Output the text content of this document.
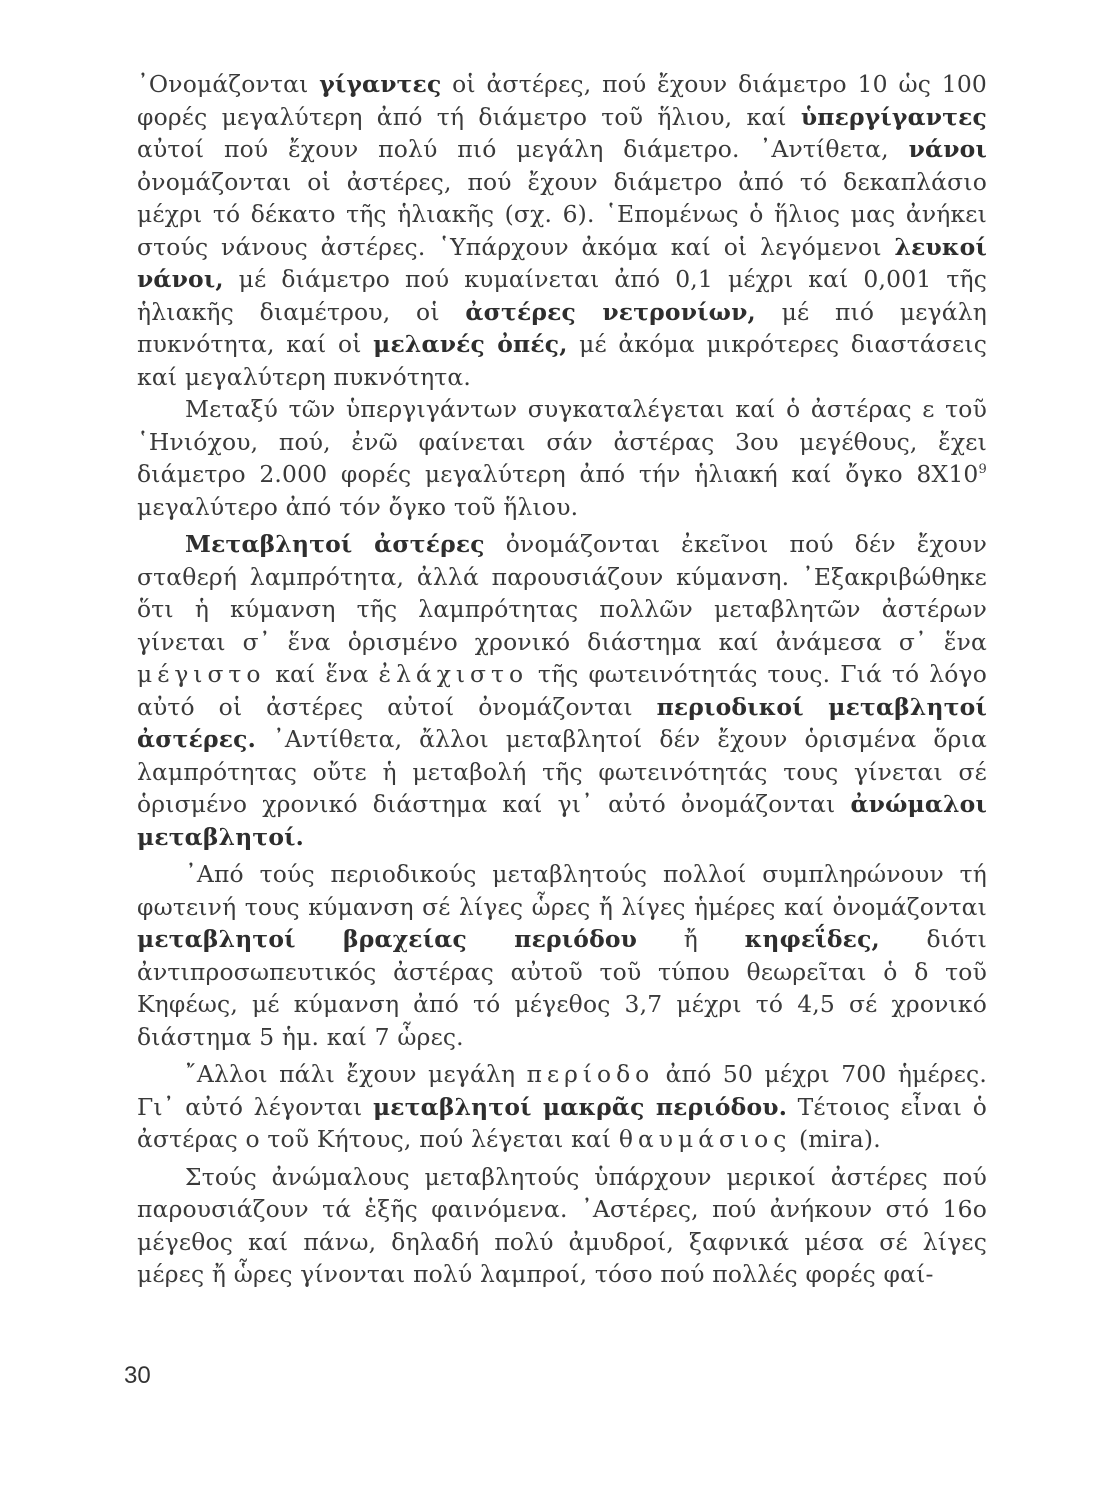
᾿Ονομάζονται γίγαντες οἱ ἀστέρες, πού ἔχουν διάμετρο 10 ὡς 100 φορές μεγαλύτερη ἀπό τή διάμετρο τοῦ ἥλιου, καί ὑπεργίγαντες αὐτοί πού ἔχουν πολύ πιό μεγάλη διάμετρο. ᾿Αντίθετα, νάνοι ὀνομάζονται οἱ ἀστέρες, πού ἔχουν διάμετρο ἀπό τό δεκαπλάσιο μέχρι τό δέκατο τῆς ἡλιακῆς (σχ. 6). ῾Επομένως ὁ ἥλιος μας ἀνήκει στούς νάνους ἀστέρες. ῾Υπάρχουν ἀκόμα καί οἱ λεγόμενοι λευκοί νάνοι, μέ διάμετρο πού κυμαίνεται ἀπό 0,1 μέχρι καί 0,001 τῆς ἡλιακῆς διαμέτρου, οἱ ἀστέρες νετρονίων, μέ πιό μεγάλη πυκνότητα, καί οἱ μελανές ὀπές, μέ ἀκόμα μικρότερες διαστάσεις καί μεγαλύτερη πυκνότητα.

Μεταξύ τῶν ὑπεργιγάντων συγκαταλέγεται καί ὁ ἀστέρας ε τοῦ ῾Ηνιόχου, πού, ἐνῶ φαίνεται σάν ἀστέρας 3ου μεγέθους, ἔχει διάμετρο 2.000 φορές μεγαλύτερη ἀπό τήν ἡλιακή καί ὄγκο $8X10^9$ μεγαλύτερο ἀπό τόν ὄγκο τοῦ ἥλιου.

Μεταβλητοί ἀστέρες ὀνομάζονται ἐκεῖνοι πού δέν ἔχουν σταθερή λαμπρότητα, ἀλλά παρουσιάζουν κύμανση. ᾿Εξακριβώθηκε ὅτι ἡ κύμανση τῆς λαμπρότητας πολλῶν μεταβλητῶν ἀστέρων γίνεται σ᾿ ἕνα ὁρισμένο χρονικό διάστημα καί ἀνάμεσα σ᾿ ἕνα μέγιστο καί ἕνα ἐλάχιστο τῆς φωτεινότητάς τους. Γιά τό λόγο αὐτό οἱ ἀστέρες αὐτοί ὀνομάζονται περιοδικοί μεταβλητοί ἀστέρες. ᾿Αντίθετα, ἄλλοι μεταβλητοί δέν ἔχουν ὁρισμένα ὅρια λαμπρότητας οὔτε ἡ μεταβολή τῆς φωτεινότητάς τους γίνεται σέ ὁρισμένο χρονικό διάστημα καί γι᾿ αὐτό ὀνομάζονται ἀνώμαλοι μεταβλητοί.

᾿Από τούς περιοδικούς μεταβλητούς πολλοί συμπληρώνουν τή φωτεινή τους κύμανση σέ λίγες ὧρες ἤ λίγες ἡμέρες καί ὀνομάζονται μεταβλητοί βραχείας περιόδου ἤ κηφεΐδες, διότι ἀντιπροσωπευτικός ἀστέρας αὐτοῦ τοῦ τύπου θεωρεῖται ὁ δ τοῦ Κηφέως, μέ κύμανση ἀπό τό μέγεθος 3,7 μέχρι τό 4,5 σέ χρονικό διάστημα 5 ἡμ. καί 7 ὧρες.

῎Αλλοι πάλι ἔχουν μεγάλη περίοδο ἀπό 50 μέχρι 700 ἡμέρες. Γι᾿ αὐτό λέγονται μεταβλητοί μακρᾶς περιόδου. Τέτοιος εἶναι ὁ ἀστέρας ο τοῦ Κήτους, πού λέγεται καί θαυμάσιος (mira).

Στούς ἀνώμαλους μεταβλητούς ὑπάρχουν μερικοί ἀστέρες πού παρουσιάζουν τά ἑξῆς φαινόμενα. ᾿Αστέρες, πού ἀνήκουν στό 16ο μέγεθος καί πάνω, δηλαδή πολύ ἀμυδροί, ξαφνικά μέσα σέ λίγες μέρες ἤ ὧρες γίνονται πολύ λαμπροί, τόσο πού πολλές φορές φαί-

30
